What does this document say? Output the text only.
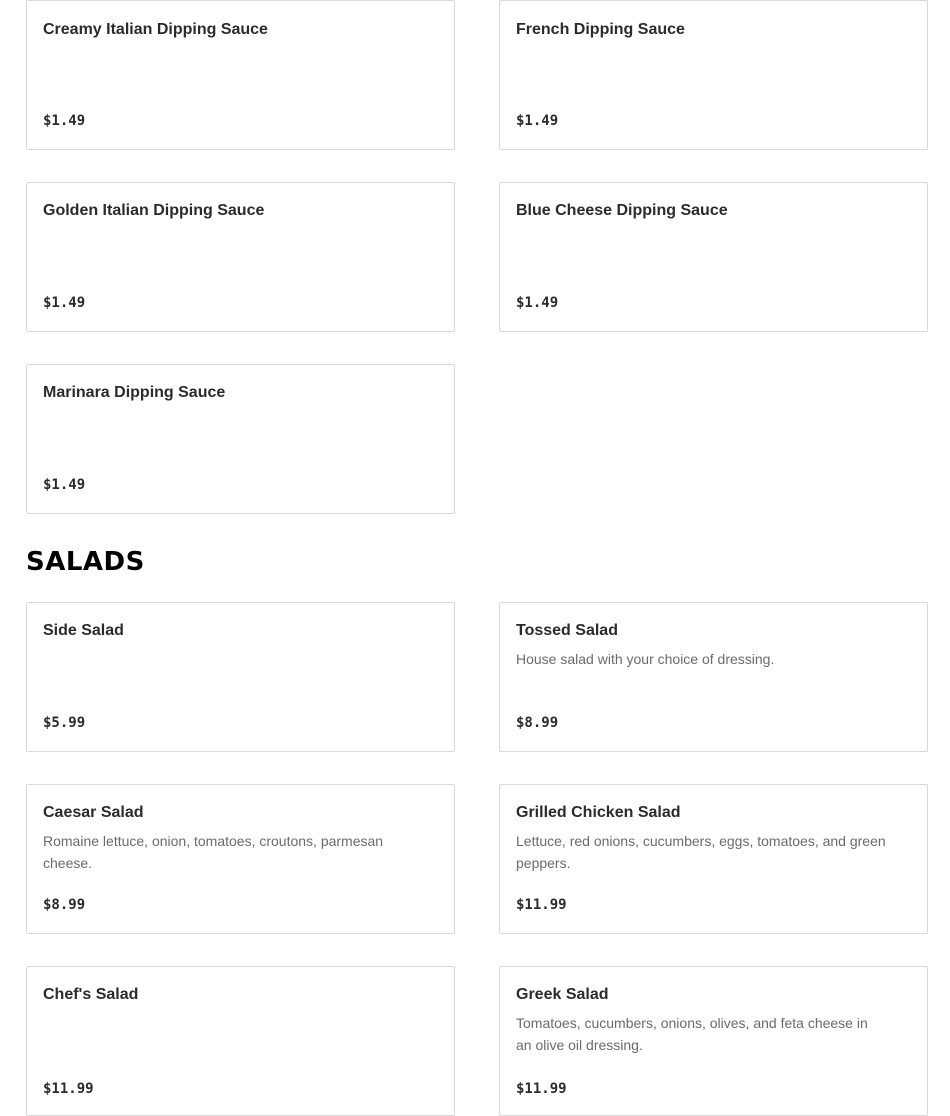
Creamy Italian Dipping Sauce
$1.49
French Dipping Sauce
$1.49
Golden Italian Dipping Sauce
$1.49
Blue Cheese Dipping Sauce
$1.49
Marinara Dipping Sauce
$1.49
SALADS
Side Salad
$5.99
Tossed Salad
House salad with your choice of dressing.
$8.99
Caesar Salad
Romaine lettuce, onion, tomatoes, croutons, parmesan cheese.
$8.99
Grilled Chicken Salad
Lettuce, red onions, cucumbers, eggs, tomatoes, and green peppers.
$11.99
Chef's Salad
$11.99
Greek Salad
Tomatoes, cucumbers, onions, olives, and feta cheese in an olive oil dressing.
$11.99
